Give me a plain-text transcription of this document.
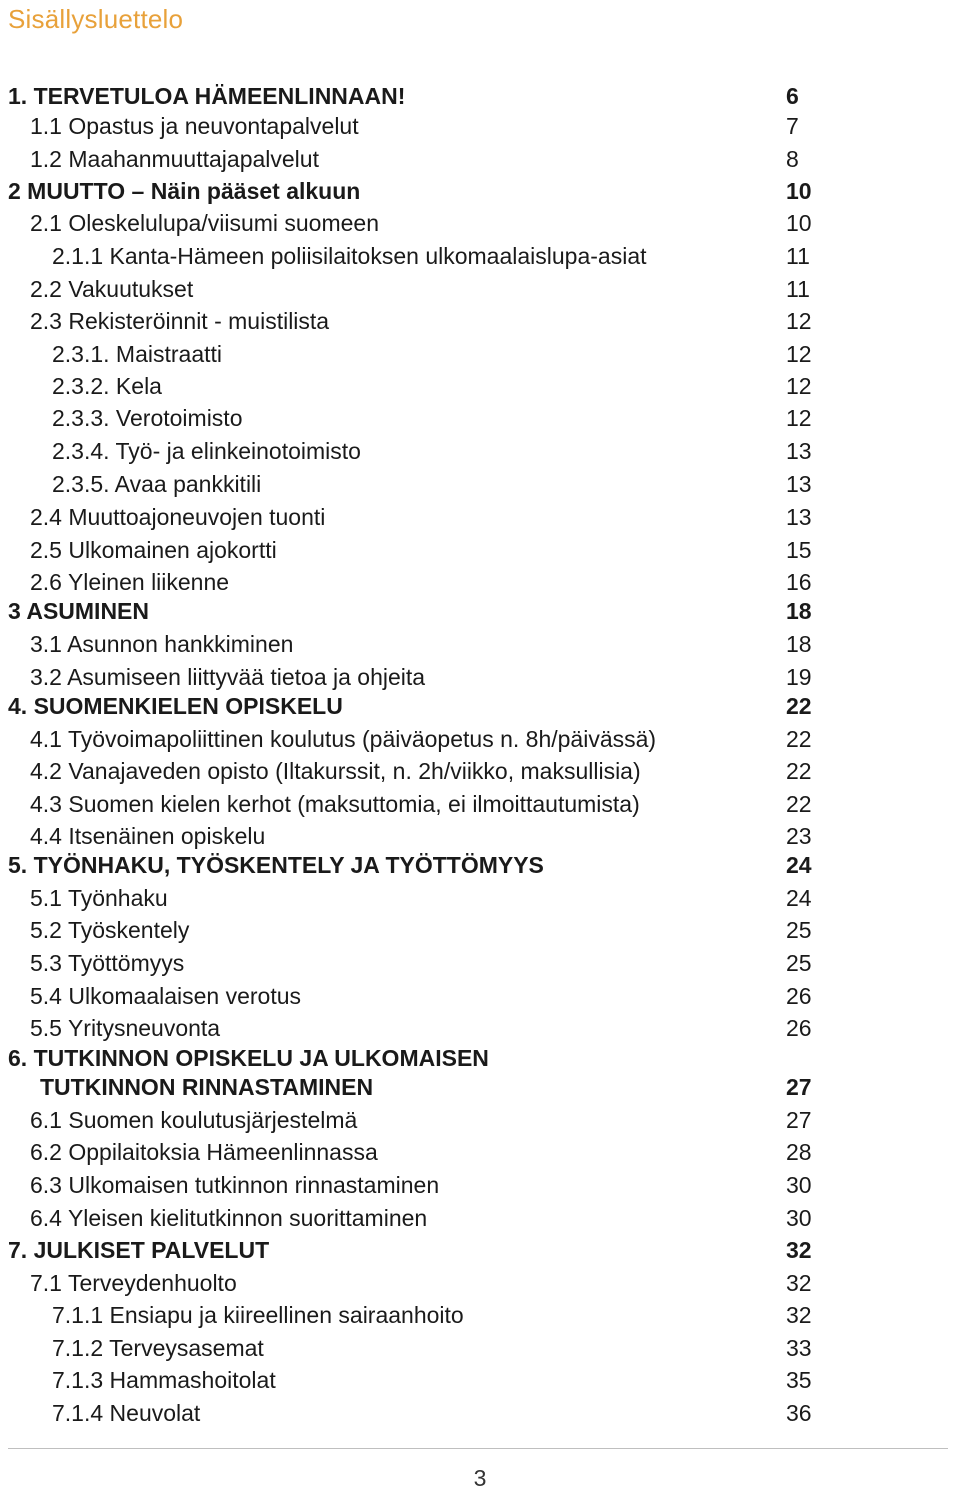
Sisällysluettelo
1. TERVETULOA HÄMEENLINNAAN!	6
1.1 Opastus ja neuvontapalvelut	7
1.2 Maahanmuuttajapalvelut	8
2 MUUTTO – Näin pääset alkuun	10
2.1 Oleskelulupa/viisumi suomeen	10
2.1.1 Kanta-Hämeen poliisilaitoksen ulkomaalaislupa-asiat	11
2.2 Vakuutukset	11
2.3 Rekisteröinnit - muistilista	12
2.3.1. Maistraatti	12
2.3.2. Kela	12
2.3.3. Verotoimisto	12
2.3.4. Työ- ja elinkeinotoimisto	13
2.3.5. Avaa pankkitili	13
2.4 Muuttoajoneuvojen tuonti	13
2.5 Ulkomainen ajokortti	15
2.6 Yleinen liikenne	16
3 ASUMINEN	18
3.1 Asunnon hankkiminen	18
3.2 Asumiseen liittyvää tietoa ja ohjeita	19
4. SUOMENKIELEN OPISKELU	22
4.1 Työvoimapoliittinen koulutus (päiväopetus n. 8h/päivässä)	22
4.2 Vanajaveden opisto (Iltakurssit, n. 2h/viikko, maksullisia)	22
4.3 Suomen kielen kerhot (maksuttomia, ei ilmoittautumista)	22
4.4 Itsenäinen opiskelu	23
5. TYÖNHAKU, TYÖSKENTELY JA TYÖTTÖMYYS	24
5.1 Työnhaku	24
5.2 Työskentely	25
5.3 Työttömyys	25
5.4 Ulkomaalaisen verotus	26
5.5 Yritysneuvonta	26
6. TUTKINNON OPISKELU JA ULKOMAISEN
TUTKINNON RINNASTAMINEN	27
6.1 Suomen koulutusjärjestelmä	27
6.2 Oppilaitoksia Hämeenlinnassa	28
6.3 Ulkomaisen tutkinnon rinnastaminen	30
6.4 Yleisen kielitutkinnon suorittaminen	30
7. JULKISET PALVELUT	32
7.1 Terveydenhuolto	32
7.1.1 Ensiapu ja kiireellinen sairaanhoito	32
7.1.2 Terveysasemat	33
7.1.3 Hammashoitolat	35
7.1.4 Neuvolat	36
3
